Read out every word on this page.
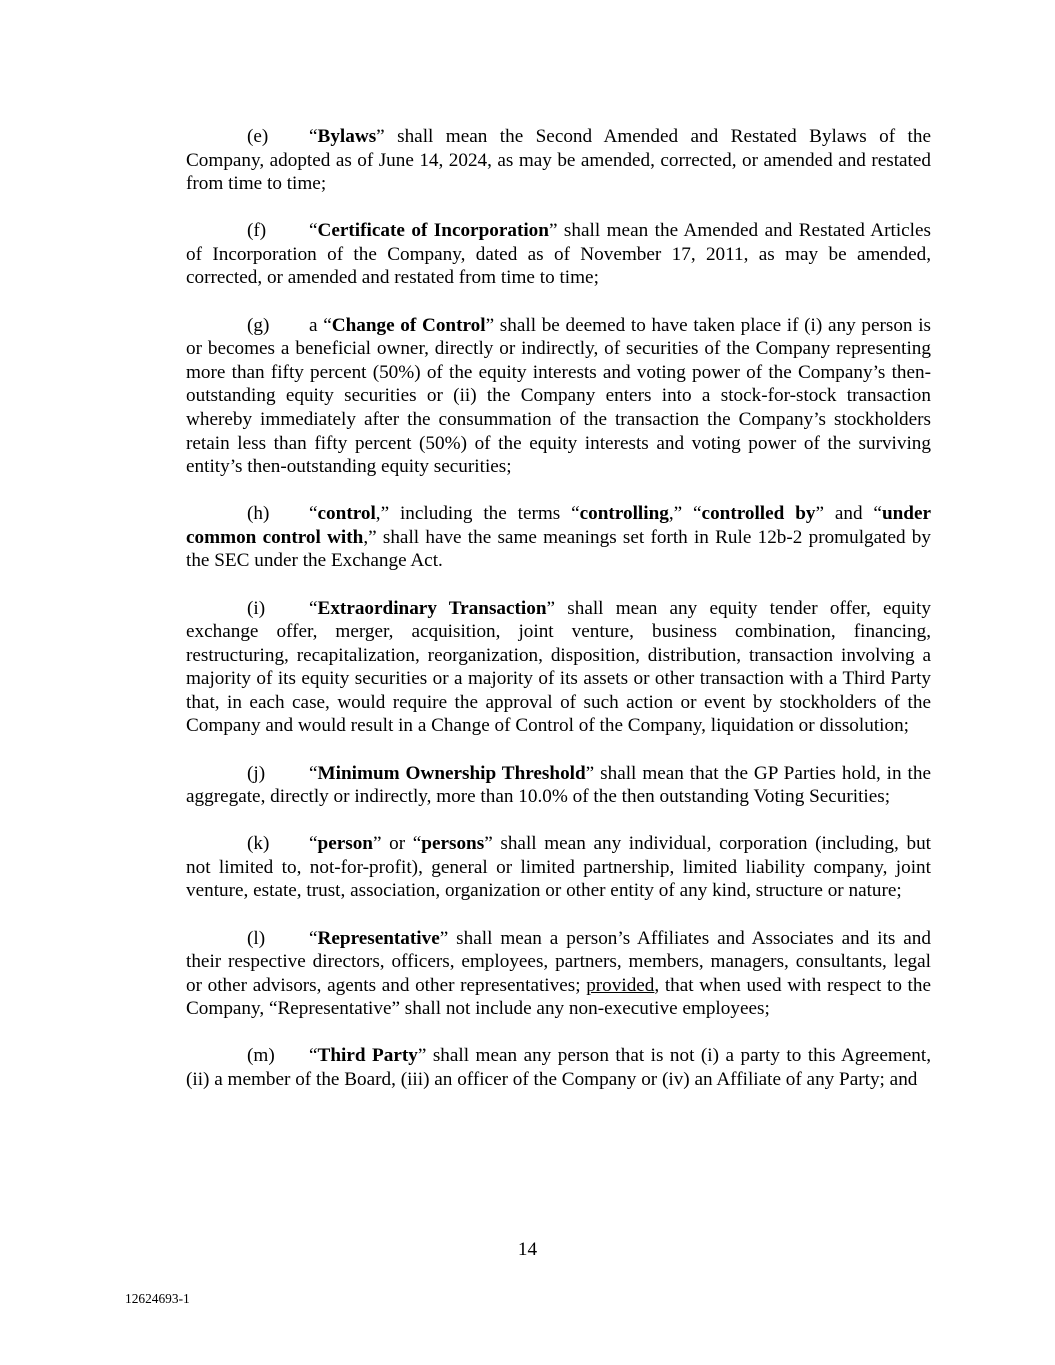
(e) “Bylaws” shall mean the Second Amended and Restated Bylaws of the Company, adopted as of June 14, 2024, as may be amended, corrected, or amended and restated from time to time;

(f) “Certificate of Incorporation” shall mean the Amended and Restated Articles of Incorporation of the Company, dated as of November 17, 2011, as may be amended, corrected, or amended and restated from time to time;

(g) a “Change of Control” shall be deemed to have taken place if (i) any person is or becomes a beneficial owner, directly or indirectly, of securities of the Company representing more than fifty percent (50%) of the equity interests and voting power of the Company’s then-outstanding equity securities or (ii) the Company enters into a stock-for-stock transaction whereby immediately after the consummation of the transaction the Company’s stockholders retain less than fifty percent (50%) of the equity interests and voting power of the surviving entity’s then-outstanding equity securities;

(h) “control,” including the terms “controlling,” “controlled by” and “under common control with,” shall have the same meanings set forth in Rule 12b-2 promulgated by the SEC under the Exchange Act.

(i) “Extraordinary Transaction” shall mean any equity tender offer, equity exchange offer, merger, acquisition, joint venture, business combination, financing, restructuring, recapitalization, reorganization, disposition, distribution, transaction involving a majority of its equity securities or a majority of its assets or other transaction with a Third Party that, in each case, would require the approval of such action or event by stockholders of the Company and would result in a Change of Control of the Company, liquidation or dissolution;

(j) “Minimum Ownership Threshold” shall mean that the GP Parties hold, in the aggregate, directly or indirectly, more than 10.0% of the then outstanding Voting Securities;

(k) “person” or “persons” shall mean any individual, corporation (including, but not limited to, not-for-profit), general or limited partnership, limited liability company, joint venture, estate, trust, association, organization or other entity of any kind, structure or nature;

(l) “Representative” shall mean a person’s Affiliates and Associates and its and their respective directors, officers, employees, partners, members, managers, consultants, legal or other advisors, agents and other representatives; provided, that when used with respect to the Company, “Representative” shall not include any non-executive employees;

(m) “Third Party” shall mean any person that is not (i) a party to this Agreement, (ii) a member of the Board, (iii) an officer of the Company or (iv) an Affiliate of any Party; and

14
12624693-1
